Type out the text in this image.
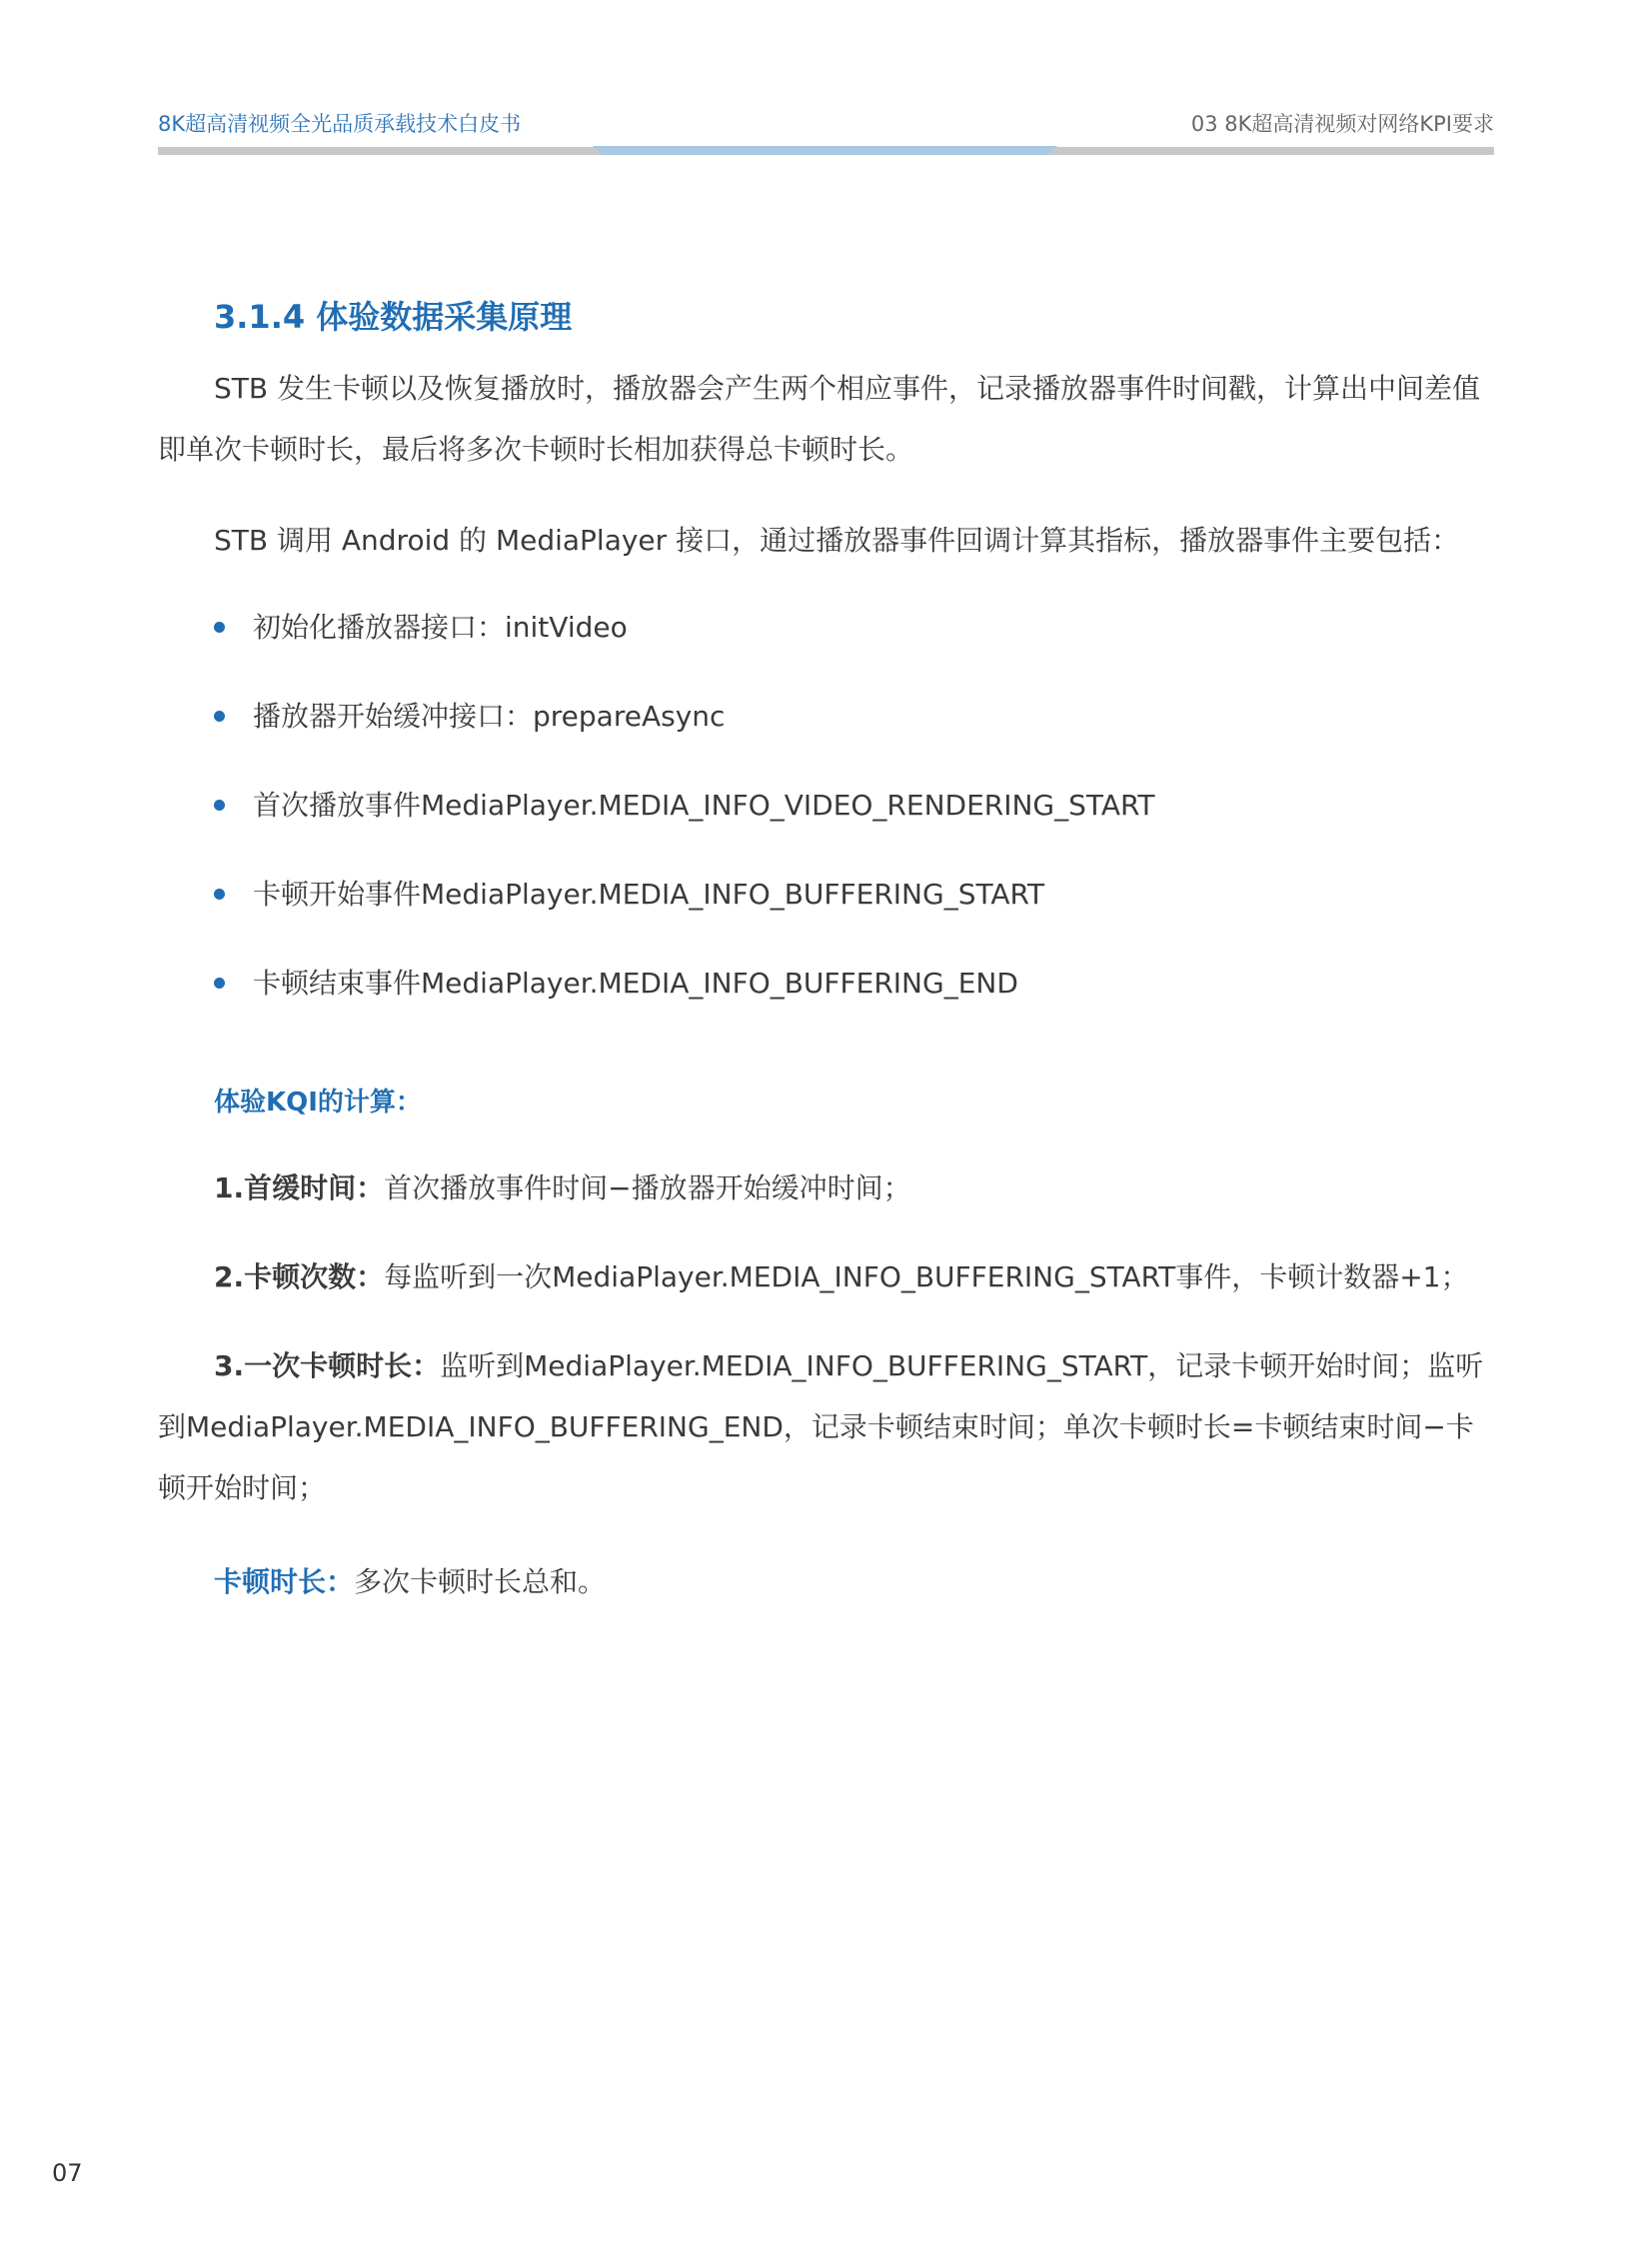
8K超高清视频全光品质承载技术白皮书	03 8K超高清视频对网络KPI要求
3.1.4 体验数据采集原理
STB 发生卡顿以及恢复播放时，播放器会产生两个相应事件，记录播放器事件时间戳，计算出中间差值即单次卡顿时长，最后将多次卡顿时长相加获得总卡顿时长。
STB 调用 Android 的 MediaPlayer 接口，通过播放器事件回调计算其指标，播放器事件主要包括：
初始化播放器接口：initVideo
播放器开始缓冲接口：prepareAsync
首次播放事件MediaPlayer.MEDIA_INFO_VIDEO_RENDERING_START
卡顿开始事件MediaPlayer.MEDIA_INFO_BUFFERING_START
卡顿结束事件MediaPlayer.MEDIA_INFO_BUFFERING_END
体验KQI的计算：
1.首缓时间：首次播放事件时间−播放器开始缓冲时间；
2.卡顿次数：每监听到一次MediaPlayer.MEDIA_INFO_BUFFERING_START事件，卡顿计数器+1；
3.一次卡顿时长：监听到MediaPlayer.MEDIA_INFO_BUFFERING_START，记录卡顿开始时间；监听到MediaPlayer.MEDIA_INFO_BUFFERING_END，记录卡顿结束时间；单次卡顿时长=卡顿结束时间−卡顿开始时间；
卡顿时长：多次卡顿时长总和。
07
